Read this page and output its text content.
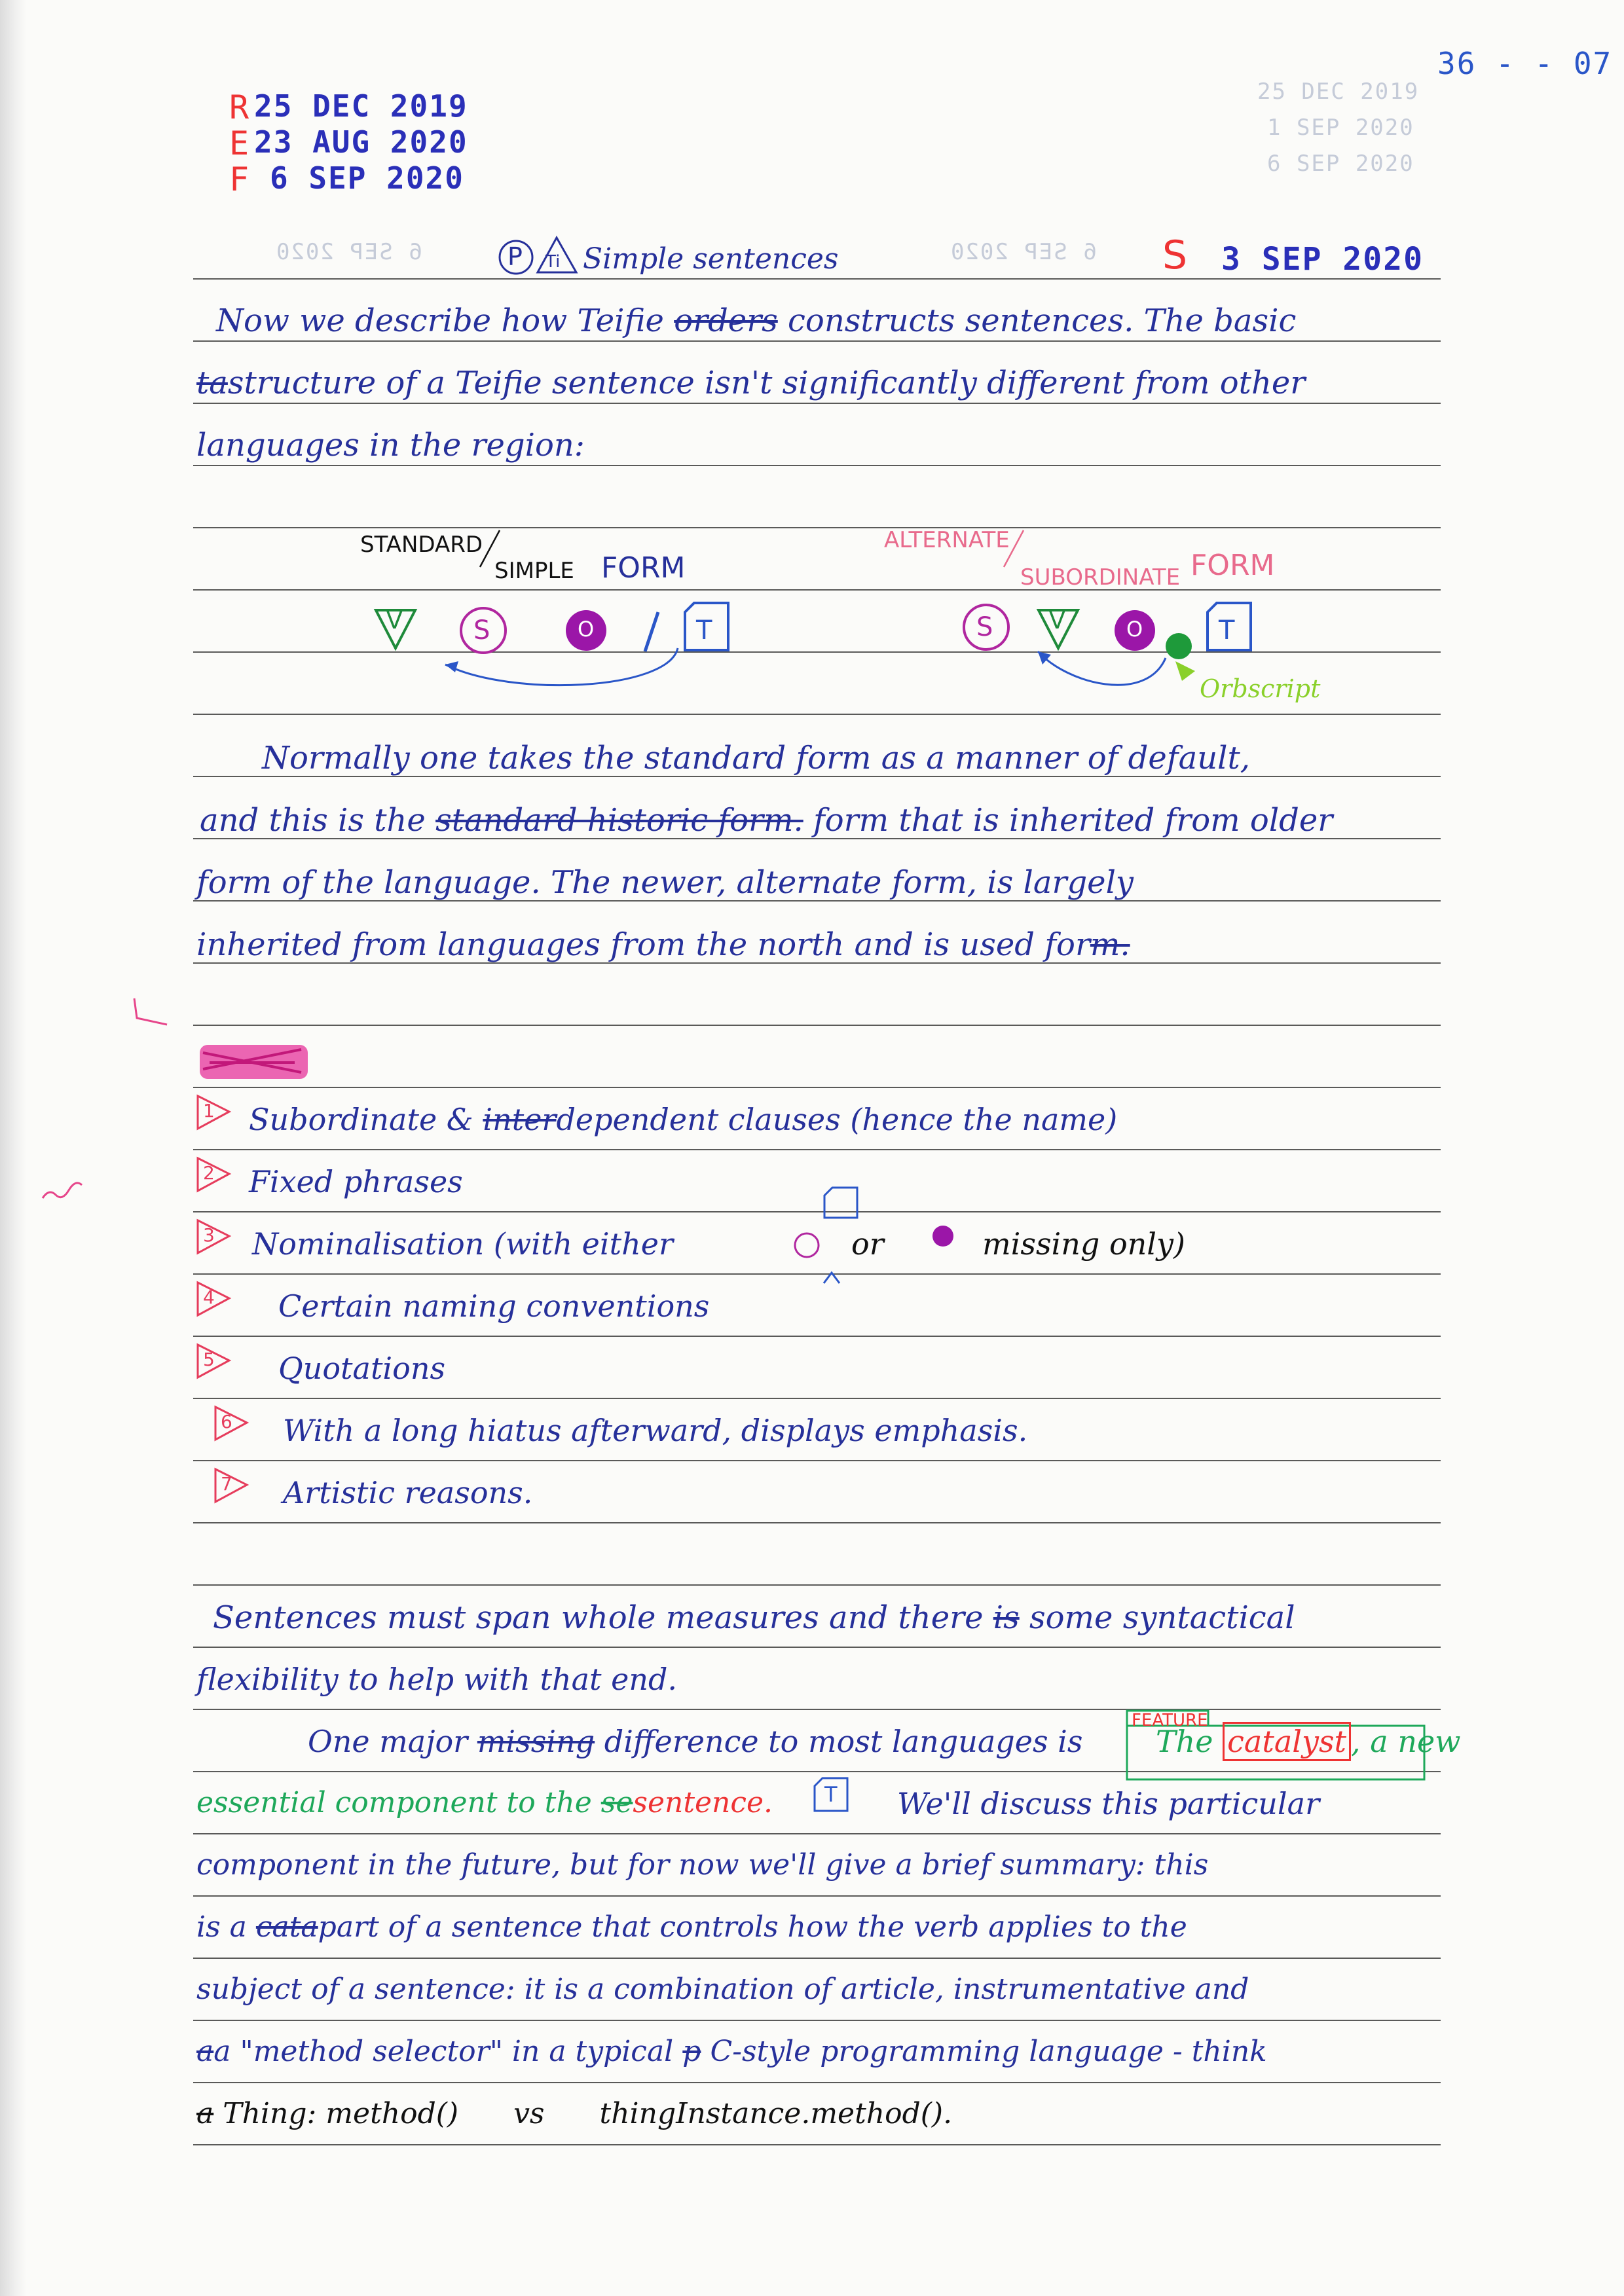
36 - - 07
25 DEC 2019
1 SEP 2020
6 SEP 2020
R
E
F
25 DEC 2019
23 AUG 2020
6 SEP 2020
6 SEP 2020	6 SEP 2020
P Ti Simple sentences	S 3 SEP 2020
Now we describe how Teifie orders constructs sentences. The basic
tastructure of a Teifie sentence isn't significantly different from other
languages in the region:
STANDARD
SIMPLE FORM
ALTERNATE
SUBORDINATE FORM
V	S	O	T	S V	O	T
Orbscript
Normally one takes the standard form as a manner of default,
and this is the standard historic form. form that is inherited from older
form of the language. The newer, alternate form, is largely
inherited from languages from the north and is used form.
1 Subordinate & interdependent clauses (hence the name)
2 Fixed phrases
3 Nominalisation (with either	or	missing only)
4 Certain naming conventions
5 Quotations
6 With a long hiatus afterward, displays emphasis.
7 Artistic reasons.
Sentences must span whole measures and there is some syntactical
flexibility to help with that end.
FEATURE
One major missing difference to most languages is The catalyst , a new
essential component to the sesentence. T We'll discuss this particular
component in the future, but for now we'll give a brief summary: this
is a catapart of a sentence that controls how the verb applies to the
subject of a sentence: it is a combination of article, instrumentative and
aa "method selector" in a typical p C-style programming language - think
a Thing: method() vs thingInstance.method().
